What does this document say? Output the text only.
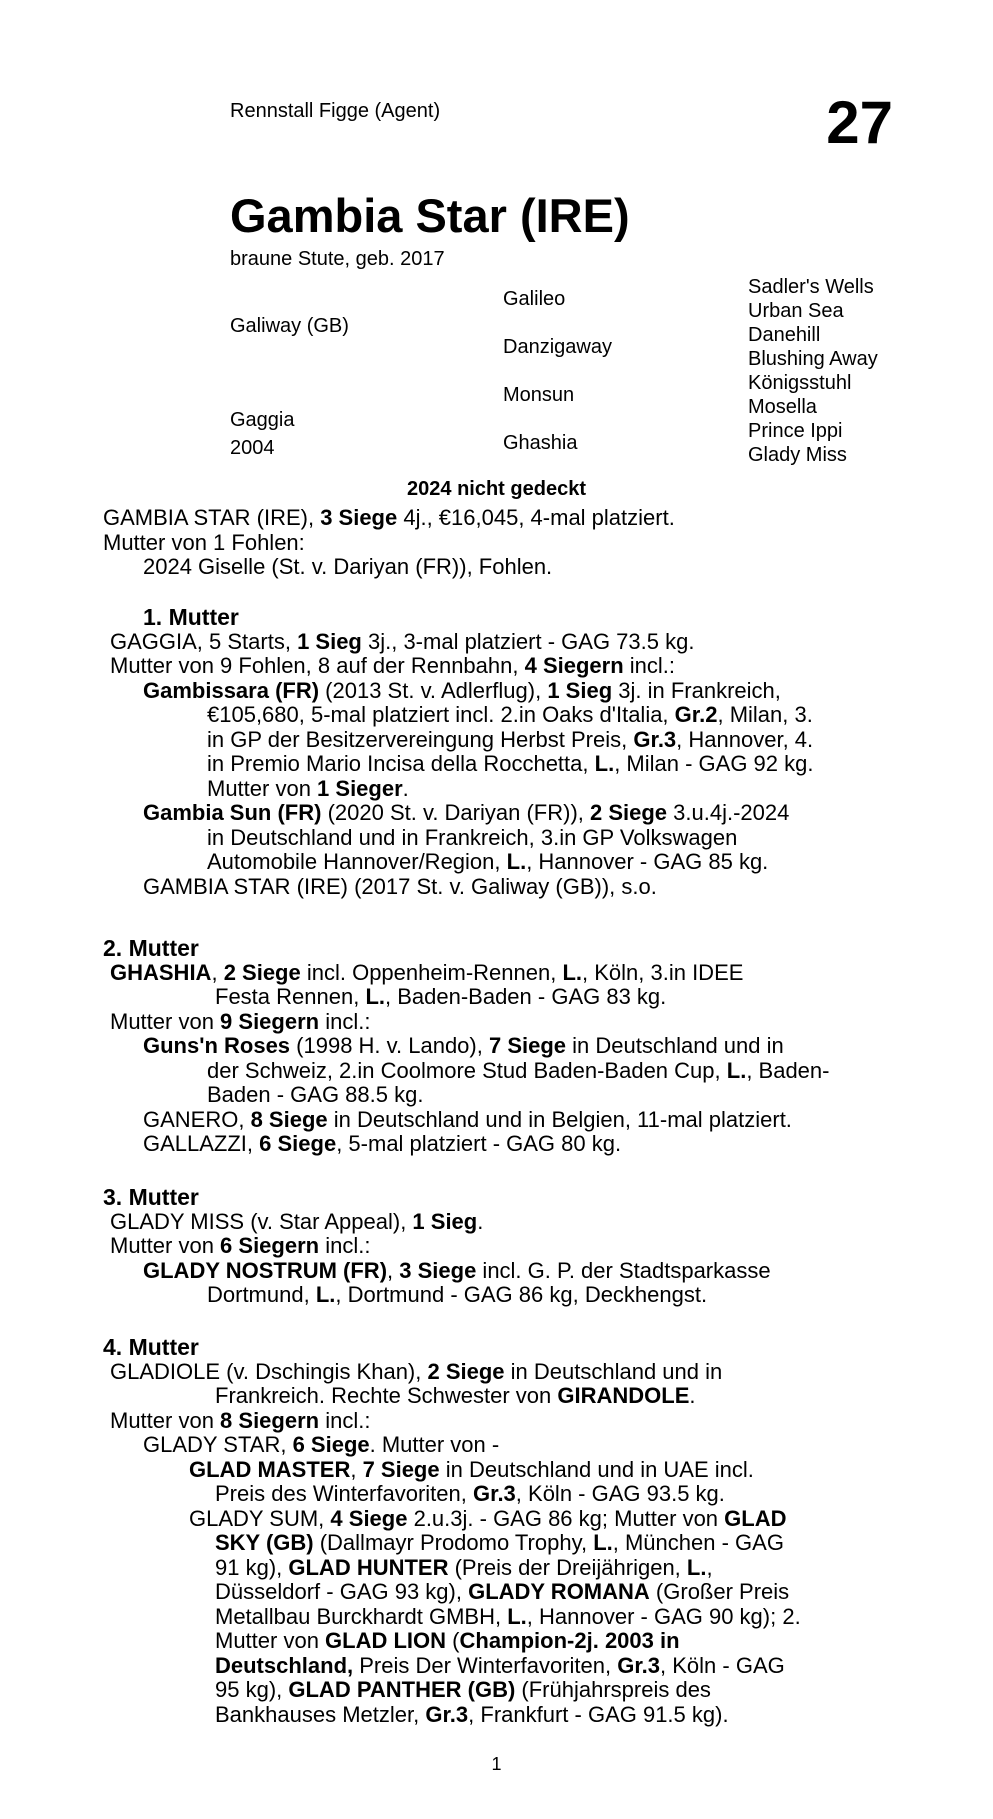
Rennstall Figge (Agent)	27
Gambia Star (IRE)
braune Stute, geb. 2017
Galiway (GB)
Gaggia
2004
Galileo
Danzigaway
Monsun
Ghashia
Sadler's Wells
Urban Sea
Danehill
Blushing Away
Königsstuhl
Mosella
Prince Ippi
Glady Miss
2024 nicht gedeckt
GAMBIA STAR (IRE), 3 Siege 4j., €16,045, 4-mal platziert.
Mutter von 1 Fohlen:
2024 Giselle (St. v. Dariyan (FR)), Fohlen.
1. Mutter
GAGGIA, 5 Starts, 1 Sieg 3j., 3-mal platziert - GAG 73.5 kg.
Mutter von 9 Fohlen, 8 auf der Rennbahn, 4 Siegern incl.:
Gambissara (FR) (2013 St. v. Adlerflug), 1 Sieg 3j. in Frankreich,
€105,680, 5-mal platziert incl. 2.in Oaks d'Italia, Gr.2, Milan, 3.
in GP der Besitzervereingung Herbst Preis, Gr.3, Hannover, 4.
in Premio Mario Incisa della Rocchetta, L., Milan - GAG 92 kg.
Mutter von 1 Sieger.
Gambia Sun (FR) (2020 St. v. Dariyan (FR)), 2 Siege 3.u.4j.-2024
in Deutschland und in Frankreich, 3.in GP Volkswagen
Automobile Hannover/Region, L., Hannover - GAG 85 kg.
GAMBIA STAR (IRE) (2017 St. v. Galiway (GB)), s.o.
2. Mutter
GHASHIA, 2 Siege incl. Oppenheim-Rennen, L., Köln, 3.in IDEE
Festa Rennen, L., Baden-Baden - GAG 83 kg.
Mutter von 9 Siegern incl.:
Guns'n Roses (1998 H. v. Lando), 7 Siege in Deutschland und in
der Schweiz, 2.in Coolmore Stud Baden-Baden Cup, L., Baden-
Baden - GAG 88.5 kg.
GANERO, 8 Siege in Deutschland und in Belgien, 11-mal platziert.
GALLAZZI, 6 Siege, 5-mal platziert - GAG 80 kg.
3. Mutter
GLADY MISS (v. Star Appeal), 1 Sieg.
Mutter von 6 Siegern incl.:
GLADY NOSTRUM (FR), 3 Siege incl. G. P. der Stadtsparkasse
Dortmund, L., Dortmund - GAG 86 kg, Deckhengst.
4. Mutter
GLADIOLE (v. Dschingis Khan), 2 Siege in Deutschland und in
Frankreich. Rechte Schwester von GIRANDOLE.
Mutter von 8 Siegern incl.:
GLADY STAR, 6 Siege. Mutter von -
GLAD MASTER, 7 Siege in Deutschland und in UAE incl.
Preis des Winterfavoriten, Gr.3, Köln - GAG 93.5 kg.
GLADY SUM, 4 Siege 2.u.3j. - GAG 86 kg; Mutter von GLAD
SKY (GB) (Dallmayr Prodomo Trophy, L., München - GAG
91 kg), GLAD HUNTER (Preis der Dreijährigen, L.,
Düsseldorf - GAG 93 kg), GLADY ROMANA (Großer Preis
Metallbau Burckhardt GMBH, L., Hannover - GAG 90 kg); 2.
Mutter von GLAD LION (Champion-2j. 2003 in
Deutschland, Preis Der Winterfavoriten, Gr.3, Köln - GAG
95 kg), GLAD PANTHER (GB) (Frühjahrspreis des
Bankhauses Metzler, Gr.3, Frankfurt - GAG 91.5 kg).
1
